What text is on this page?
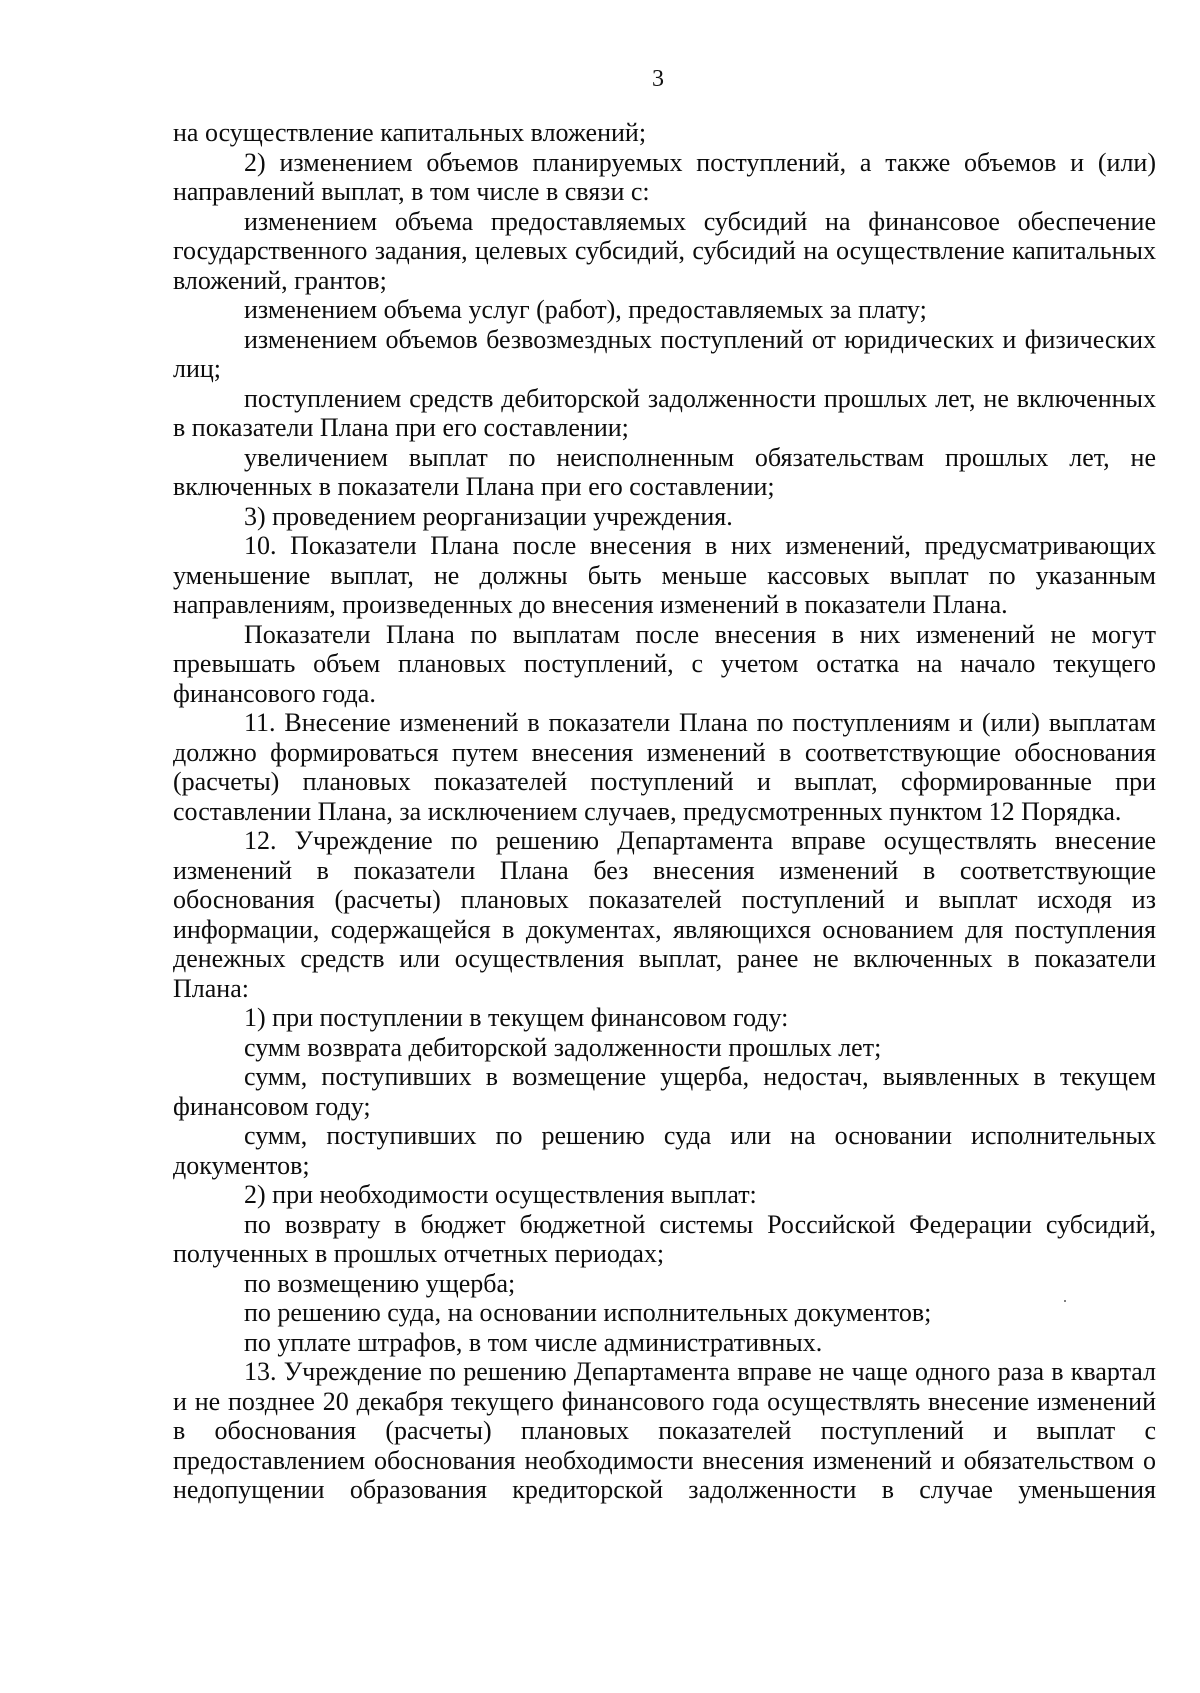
3

на осуществление капитальных вложений;

2) изменением объемов планируемых поступлений, а также объемов и (или) направлений выплат, в том числе в связи с:

изменением объема предоставляемых субсидий на финансовое обеспечение государственного задания, целевых субсидий, субсидий на осуществление капитальных вложений, грантов;

изменением объема услуг (работ), предоставляемых за плату;

изменением объемов безвозмездных поступлений от юридических и физических лиц;

поступлением средств дебиторской задолженности прошлых лет, не включенных в показатели Плана при его составлении;

увеличением выплат по неисполненным обязательствам прошлых лет, не включенных в показатели Плана при его составлении;

3) проведением реорганизации учреждения.

10. Показатели Плана после внесения в них изменений, предусматривающих уменьшение выплат, не должны быть меньше кассовых выплат по указанным направлениям, произведенных до внесения изменений в показатели Плана.

Показатели Плана по выплатам после внесения в них изменений не могут превышать объем плановых поступлений, с учетом остатка на начало текущего финансового года.

11. Внесение изменений в показатели Плана по поступлениям и (или) выплатам должно формироваться путем внесения изменений в соответствующие обоснования (расчеты) плановых показателей поступлений и выплат, сформированные при составлении Плана, за исключением случаев, предусмотренных пунктом 12 Порядка.

12. Учреждение по решению Департамента вправе осуществлять внесение изменений в показатели Плана без внесения изменений в соответствующие обоснования (расчеты) плановых показателей поступлений и выплат исходя из информации, содержащейся в документах, являющихся основанием для поступления денежных средств или осуществления выплат, ранее не включенных в показатели Плана:

1) при поступлении в текущем финансовом году:

сумм возврата дебиторской задолженности прошлых лет;

сумм, поступивших в возмещение ущерба, недостач, выявленных в текущем финансовом году;

сумм, поступивших по решению суда или на основании исполнительных документов;

2) при необходимости осуществления выплат:

по возврату в бюджет бюджетной системы Российской Федерации субсидий, полученных в прошлых отчетных периодах;

по возмещению ущерба;

по решению суда, на основании исполнительных документов;

по уплате штрафов, в том числе административных.

13. Учреждение по решению Департамента вправе не чаще одного раза в квартал и не позднее 20 декабря текущего финансового года осуществлять внесение изменений в обоснования (расчеты) плановых показателей поступлений и выплат с предоставлением обоснования необходимости внесения изменений и обязательством о недопущении образования кредиторской задолженности в случае уменьшения
